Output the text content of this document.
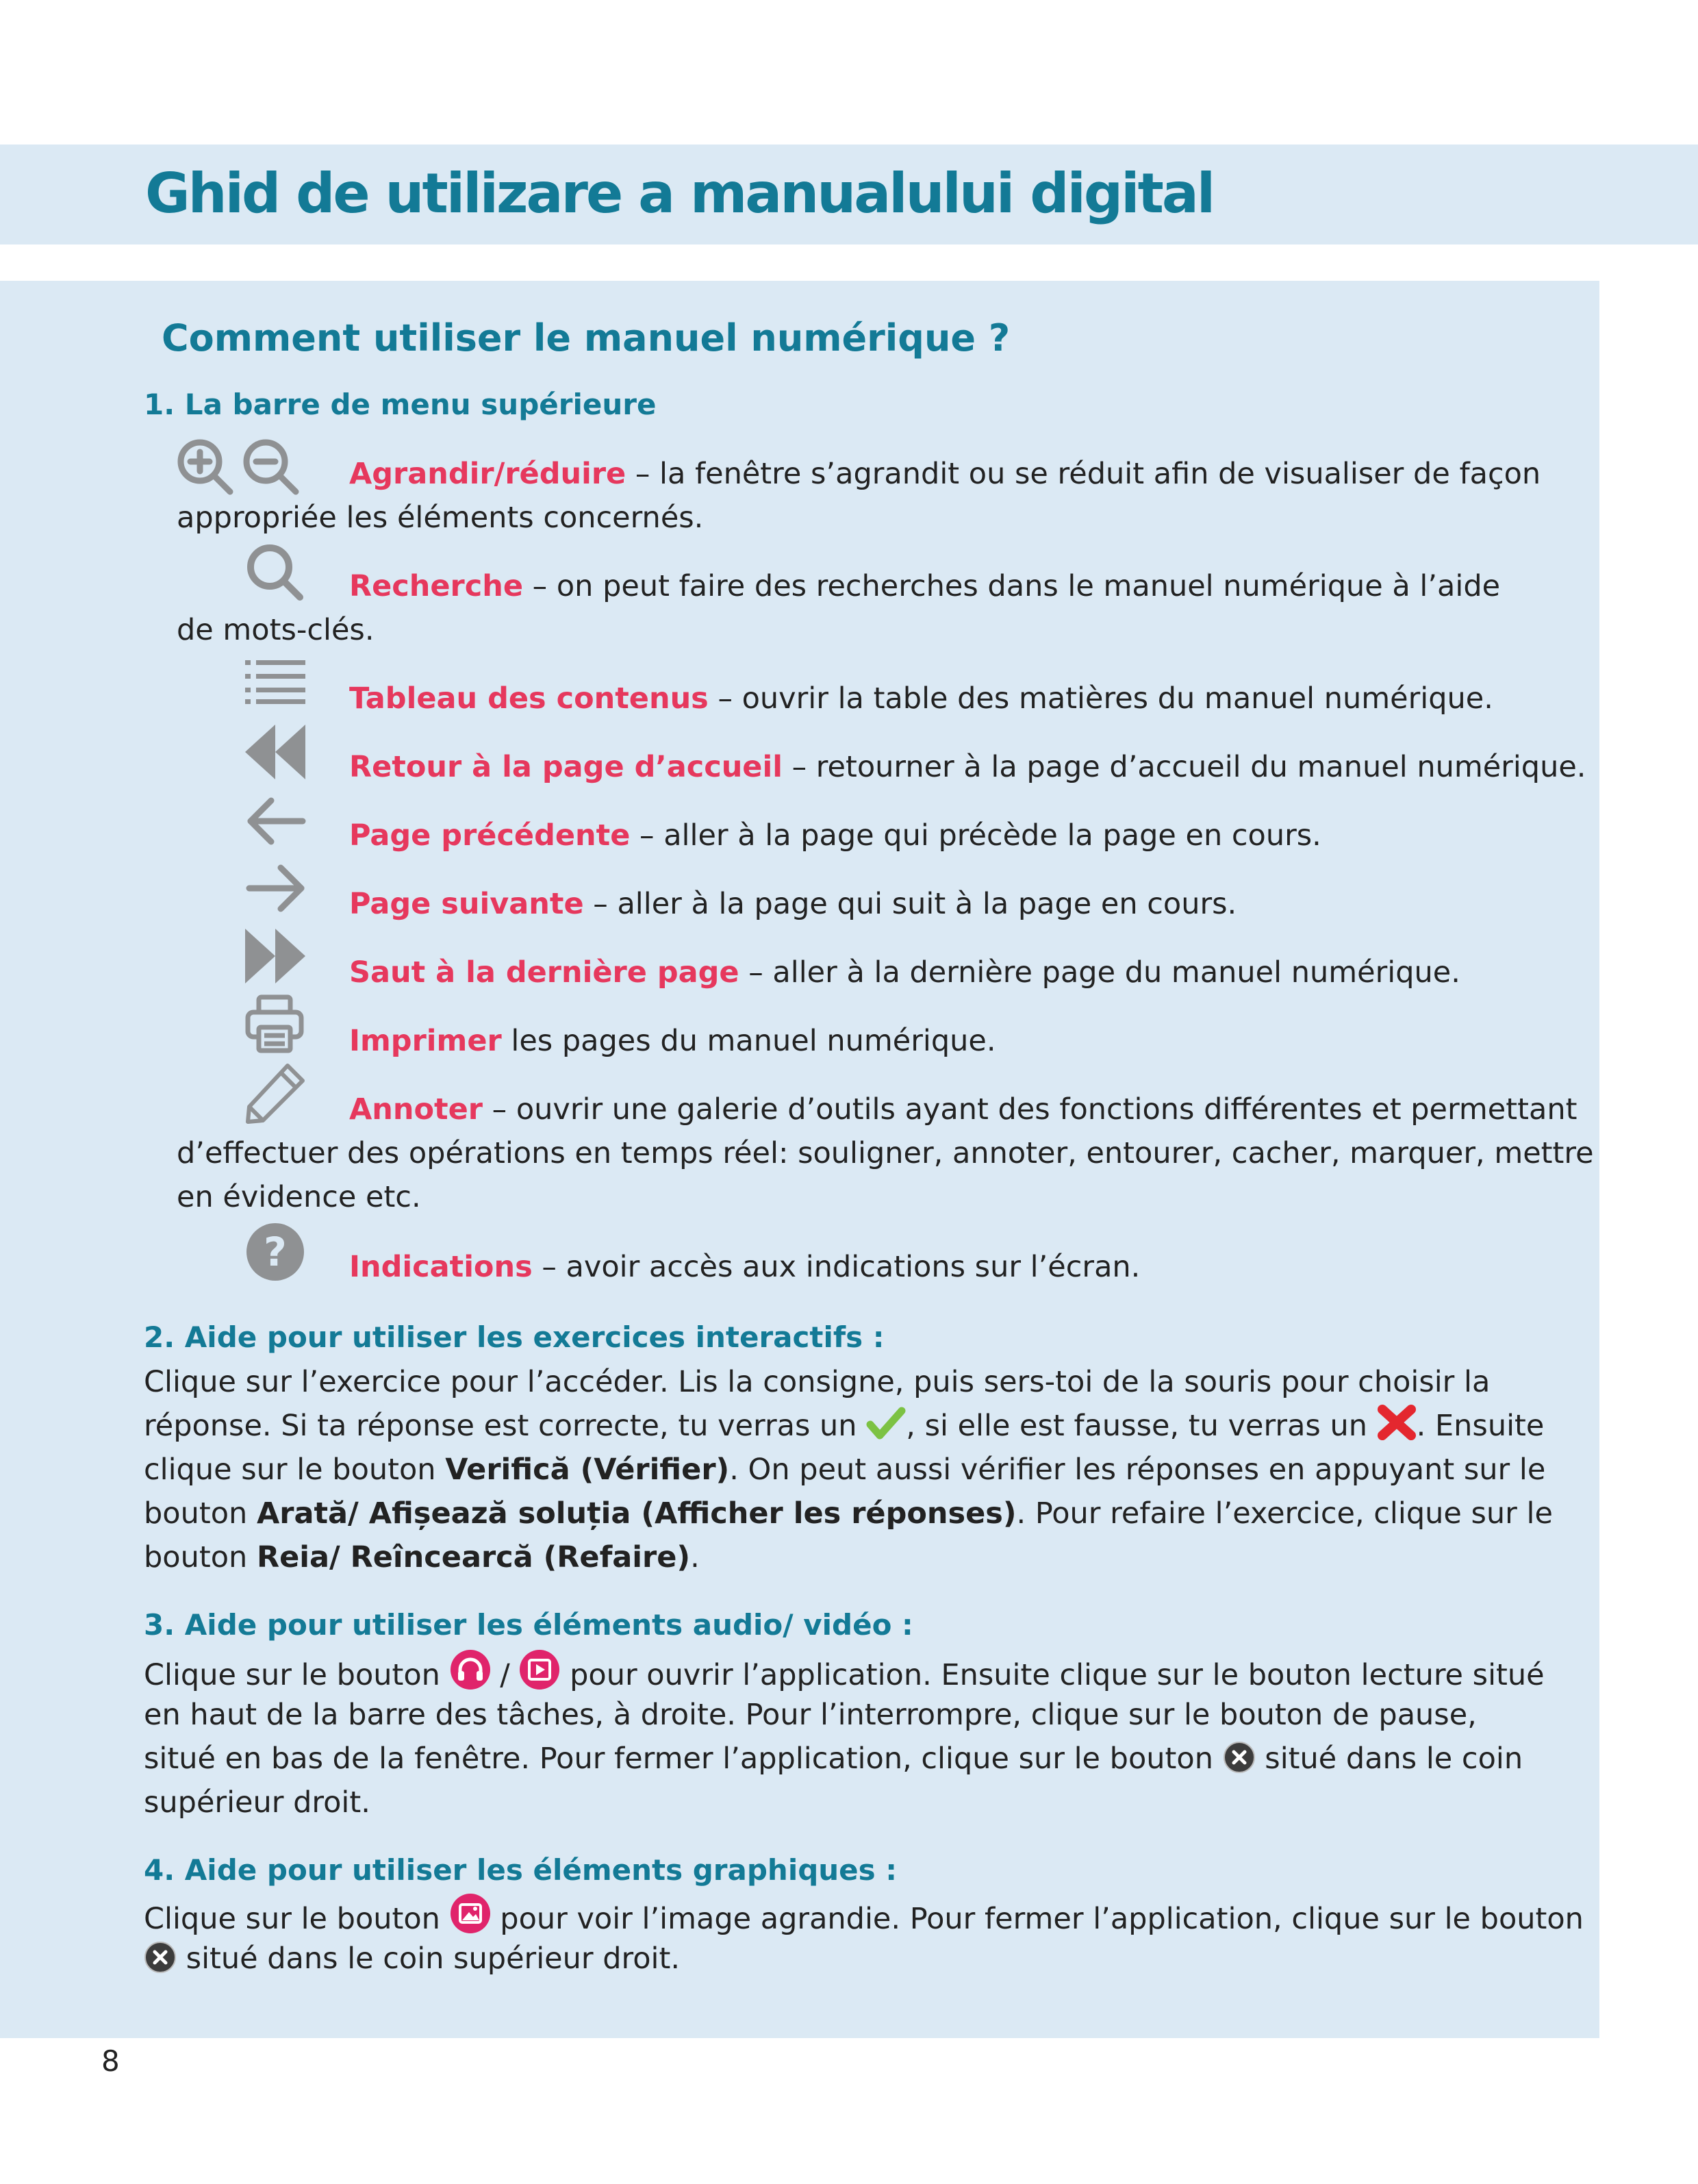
Ghid de utilizare a manualului digital
Comment utiliser le manuel numérique ?
1. La barre de menu supérieure
?

Agrandir/réduire – la fenêtre s’agrandit ou se réduit afin de visualiser de façon

appropriée les éléments concernés.

Recherche – on peut faire des recherches dans le manuel numérique à l’aide

de mots-clés.

Tableau des contenus – ouvrir la table des matières du manuel numérique.

Retour à la page d’accueil – retourner à la page d’accueil du manuel numérique.

Page précédente – aller à la page qui précède la page en cours.

Page suivante – aller à la page qui suit à la page en cours.

Saut à la dernière page – aller à la dernière page du manuel numérique.

Imprimer les pages du manuel numérique.

Annoter – ouvrir une galerie d’outils ayant des fonctions différentes et permettant

d’effectuer des opérations en temps réel: souligner, annoter, entourer, cacher, marquer, mettre

en évidence etc.

Indications – avoir accès aux indications sur l’écran.

2. Aide pour utiliser les exercices interactifs :

Clique sur l’exercice pour l’accéder. Lis la consigne, puis sers-toi de la souris pour choisir la

réponse. Si ta réponse est correcte, tu verras un , si elle est fausse, tu verras un . Ensuite

clique sur le bouton Verifică (Vérifier). On peut aussi vérifier les réponses en appuyant sur le

bouton Arată/ Afișează soluția (Afficher les réponses). Pour refaire l’exercice, clique sur le

bouton Reia/ Reîncearcă (Refaire).

3. Aide pour utiliser les éléments audio/ vidéo :

Clique sur le bouton  /  pour ouvrir l’application. Ensuite clique sur le bouton lecture situé

en haut de la barre des tâches, à droite. Pour l’interrompre, clique sur le bouton de pause,

situé en bas de la fenêtre. Pour fermer l’application, clique sur le bouton  situé dans le coin

supérieur droit.

4. Aide pour utiliser les éléments graphiques :

Clique sur le bouton  pour voir l’image agrandie. Pour fermer l’application, clique sur le bouton

situé dans le coin supérieur droit.

8
